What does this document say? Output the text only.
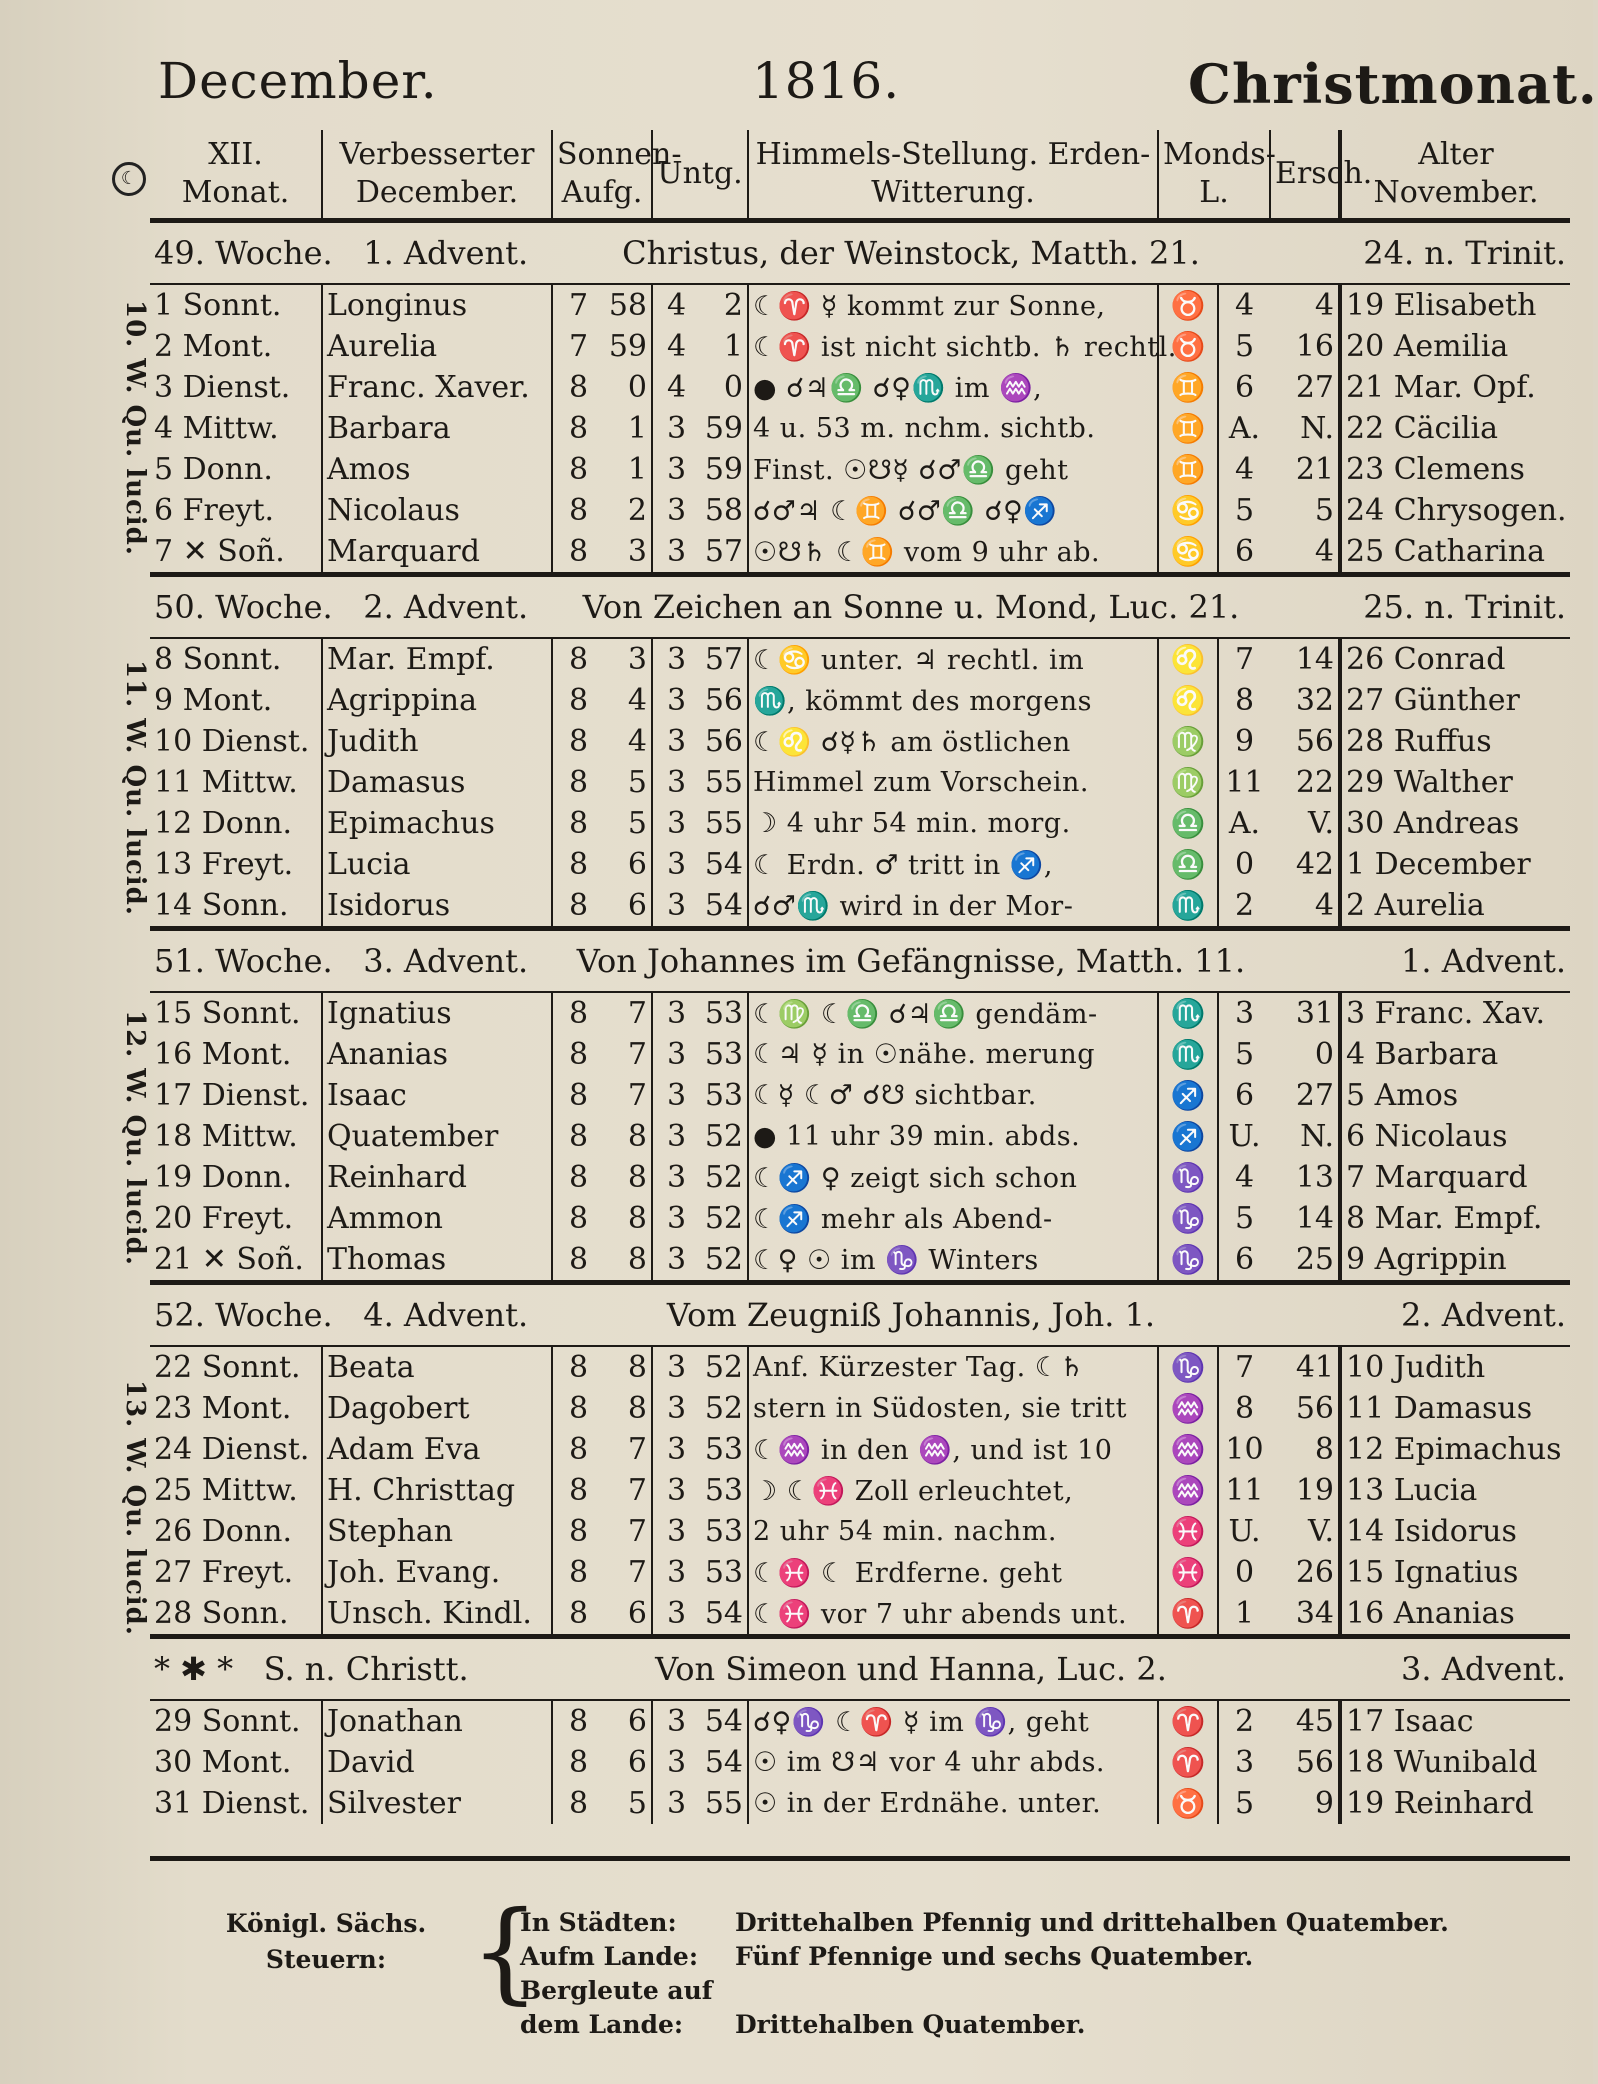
December.	1816.	Christmonat.
☾
10. W. Qu. lucid.
11. W. Qu. lucid.
12. W. Qu. lucid.
13. W. Qu. lucid.
XII. Monat.	Verbesserter December.	Sonnen- Aufg.		Untg.		Himmels-Stellung. Erden-Witterung.	Monds- L.		Ersch.	Alter November.
49. Woche. 1. Advent.		Christus, der Weinstock, Matth. 21.							24. n. Trinit.	
1 Sonnt.	Longinus	7	58	4	2	☾♈ ☿ kommt zur Sonne,	♉	4	4	19 Elisabeth
2 Mont.	Aurelia	7	59	4	1	☾♈ ist nicht sichtb. ♄ rechtl.	♉	5	16	20 Aemilia
3 Dienst.	Franc. Xaver.	8	0	4	0	● ☌♃♎ ☌♀♏ im ♒,	♊	6	27	21 Mar. Opf.
4 Mittw.	Barbara	8	1	3	59	4 u. 53 m. nchm. sichtb.	♊	A.	N.	22 Cäcilia
5 Donn.	Amos	8	1	3	59	Finst. ☉☋☿ ☌♂♎ geht	♊	4	21	23 Clemens
6 Freyt.	Nicolaus	8	2	3	58	☌♂♃ ☾♊ ☌♂♎ ☌♀♐	♋	5	5	24 Chrysogen.
7 ✕ Soñ.	Marquard	8	3	3	57	☉☋♄ ☾♊ vom 9 uhr ab.	♋	6	4	25 Catharina
50. Woche. 2. Advent.		Von Zeichen an Sonne u. Mond, Luc. 21.							25. n. Trinit.	
8 Sonnt.	Mar. Empf.	8	3	3	57	☾♋ unter. ♃ rechtl. im	♌	7	14	26 Conrad
9 Mont.	Agrippina	8	4	3	56	♏, kömmt des morgens	♌	8	32	27 Günther
10 Dienst.	Judith	8	4	3	56	☾♌ ☌☿♄ am östlichen	♍	9	56	28 Ruffus
11 Mittw.	Damasus	8	5	3	55	Himmel zum Vorschein.	♍	11	22	29 Walther
12 Donn.	Epimachus	8	5	3	55	☽ 4 uhr 54 min. morg.	♎	A.	V.	30 Andreas
13 Freyt.	Lucia	8	6	3	54	☾ Erdn. ♂ tritt in ♐,	♎	0	42	1 December
14 Sonn.	Isidorus	8	6	3	54	☌♂♏ wird in der Mor-	♏	2	4	2 Aurelia
51. Woche. 3. Advent.		Von Johannes im Gefängnisse, Matth. 11.							1. Advent.	
15 Sonnt.	Ignatius	8	7	3	53	☾♍ ☾♎ ☌♃♎ gendäm-	♏	3	31	3 Franc. Xav.
16 Mont.	Ananias	8	7	3	53	☾♃ ☿ in ☉nähe. merung	♏	5	0	4 Barbara
17 Dienst.	Isaac	8	7	3	53	☾☿ ☾♂ ☌☋ sichtbar.	♐	6	27	5 Amos
18 Mittw.	Quatember	8	8	3	52	● 11 uhr 39 min. abds.	♐	U.	N.	6 Nicolaus
19 Donn.	Reinhard	8	8	3	52	☾♐ ♀ zeigt sich schon	♑	4	13	7 Marquard
20 Freyt.	Ammon	8	8	3	52	☾♐ mehr als Abend-	♑	5	14	8 Mar. Empf.
21 ✕ Soñ.	Thomas	8	8	3	52	☾♀ ☉ im ♑ Winters	♑	6	25	9 Agrippin
52. Woche. 4. Advent.		Vom Zeugniß Johannis, Joh. 1.							2. Advent.	
22 Sonnt.	Beata	8	8	3	52	Anf. Kürzester Tag. ☾♄	♑	7	41	10 Judith
23 Mont.	Dagobert	8	8	3	52	stern in Südosten, sie tritt	♒	8	56	11 Damasus
24 Dienst.	Adam Eva	8	7	3	53	☾♒ in den ♒, und ist 10	♒	10	8	12 Epimachus
25 Mittw.	H. Christtag	8	7	3	53	☽ ☾♓ Zoll erleuchtet,	♒	11	19	13 Lucia
26 Donn.	Stephan	8	7	3	53	2 uhr 54 min. nachm.	♓	U.	V.	14 Isidorus
27 Freyt.	Joh. Evang.	8	7	3	53	☾♓ ☾ Erdferne. geht	♓	0	26	15 Ignatius
28 Sonn.	Unsch. Kindl.	8	6	3	54	☾♓ vor 7 uhr abends unt.	♈	1	34	16 Ananias
* ✱ * S. n. Christt.		Von Simeon und Hanna, Luc. 2.							3. Advent.	
29 Sonnt.	Jonathan	8	6	3	54	☌♀♑ ☾♈ ☿ im ♑, geht	♈	2	45	17 Isaac
30 Mont.	David	8	6	3	54	☉ im ☋♃ vor 4 uhr abds.	♈	3	56	18 Wunibald
31 Dienst.	Silvester	8	5	3	55	☉ in der Erdnähe. unter.	♉	5	9	19 Reinhard
Königl. Sächs. Steuern: {
In Städten: Drittehalben Pfennig und drittehalben Quatember.
Aufm Lande: Fünf Pfennige und sechs Quatember.
Bergleute auf dem Lande: Drittehalben Quatember.
